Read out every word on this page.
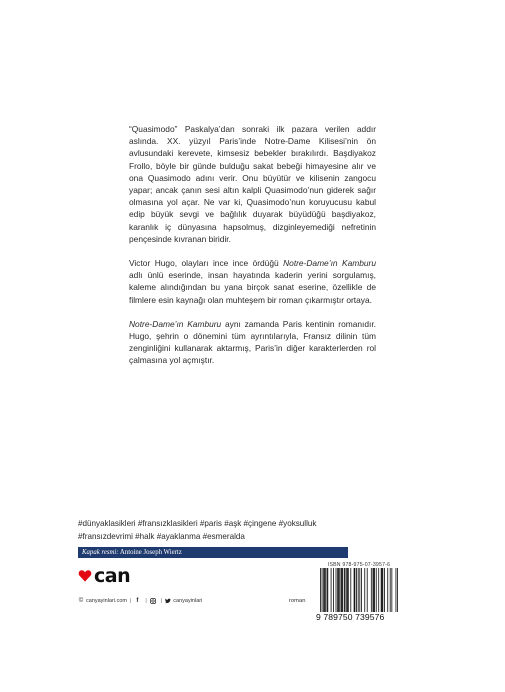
“Quasimodo” Paskalya’dan sonraki ilk pazara verilen addır aslında. XX. yüzyıl Paris’inde Notre-Dame Kilisesi’nin ön avlusundaki kerevete, kimsesiz bebekler bırakılırdı. Başdiyakoz Frollo, böyle bir günde bulduğu sakat bebeği himayesine alır ve ona Quasimodo adını verir. Onu büyütür ve kilisenin zangocu yapar; ancak çanın sesi altın kalpli Quasimodo’nun giderek sağır olmasına yol açar. Ne var ki, Quasimodo’nun koruyucusu kabul edip büyük sevgi ve bağlılık duyarak büyüdüğü başdiyakoz, karanlık iç dünyasına hapsolmuş, dizginleyemediği nefretinin pençesinde kıvranan biridir.

Victor Hugo, olayları ince ince ördüğü Notre-Dame’ın Kamburu adlı ünlü eserinde, insan hayatında kaderin yerini sorgulamış, kaleme alındığından bu yana birçok sanat eserine, özellikle de filmlere esin kaynağı olan muhteşem bir roman çıkarmıştır ortaya.

Notre-Dame’ın Kamburu aynı zamanda Paris kentinin romanıdır. Hugo, şehrin o dönemini tüm ayrıntılarıyla, Fransız dilinin tüm zenginliğini kullanarak aktarmış, Paris’in diğer karakterlerden rol çalmasına yol açmıştır.

#dünyaklasikleri #fransızklasikleri #paris #aşk #çingene #yoksulluk
#fransızdevrimi #halk #ayaklanma #esmeralda
Kapak resmi: Antoine Joseph Wiertz
can
© canyayinlari.com | f	|	| canyayinlari	roman
ISBN 978-975-07-3957-6
9 789750 739576
